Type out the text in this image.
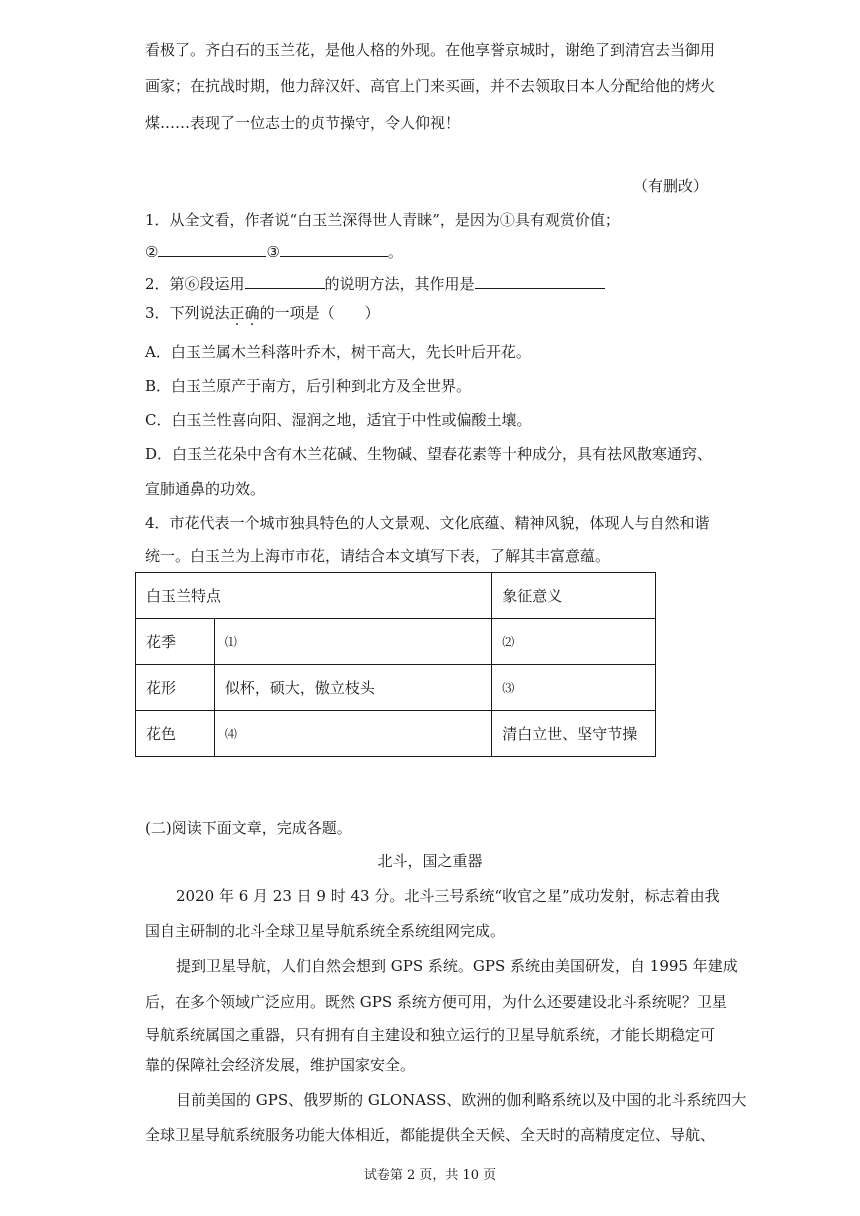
看极了。齐白石的玉兰花，是他人格的外现。在他享誉京城时，谢绝了到清宫去当御用
画家；在抗战时期，他力辞汉奸、高官上门来买画，并不去领取日本人分配给他的烤火
煤……表现了一位志士的贞节操守，令人仰视！
（有删改）
1．从全文看，作者说“白玉兰深得世人青睐”，是因为①具有观赏价值；
②	③	。
2．第⑥段运用	的说明方法，其作用是
3．下列说法正确的一项是（　　）
A．白玉兰属木兰科落叶乔木，树干高大，先长叶后开花。
B．白玉兰原产于南方，后引种到北方及全世界。
C．白玉兰性喜向阳、湿润之地，适宜于中性或偏酸土壤。
D．白玉兰花朵中含有木兰花碱、生物碱、望春花素等十种成分，具有祛风散寒通窍、
宣肺通鼻的功效。
4．市花代表一个城市独具特色的人文景观、文化底蕴、精神风貌，体现人与自然和谐
统一。白玉兰为上海市市花，请结合本文填写下表，了解其丰富意蕴。
白玉兰特点		象征意义
花季	⑴	⑵
花形	似杯，硕大，傲立枝头	⑶
花色	⑷	清白立世、坚守节操
(二)阅读下面文章，完成各题。
北斗，国之重器
2020 年 6 月 23 日 9 时 43 分。北斗三号系统“收官之星”成功发射，标志着由我
国自主研制的北斗全球卫星导航系统全系统组网完成。
提到卫星导航，人们自然会想到 GPS 系统。GPS 系统由美国研发，自 1995 年建成
后，在多个领域广泛应用。既然 GPS 系统方便可用，为什么还要建设北斗系统呢？卫星
导航系统属国之重器，只有拥有自主建设和独立运行的卫星导航系统，才能长期稳定可
靠的保障社会经济发展，维护国家安全。
目前美国的 GPS、俄罗斯的 GLONASS、欧洲的伽利略系统以及中国的北斗系统四大
全球卫星导航系统服务功能大体相近，都能提供全天候、全天时的高精度定位、导航、
试卷第 2 页，共 10 页
